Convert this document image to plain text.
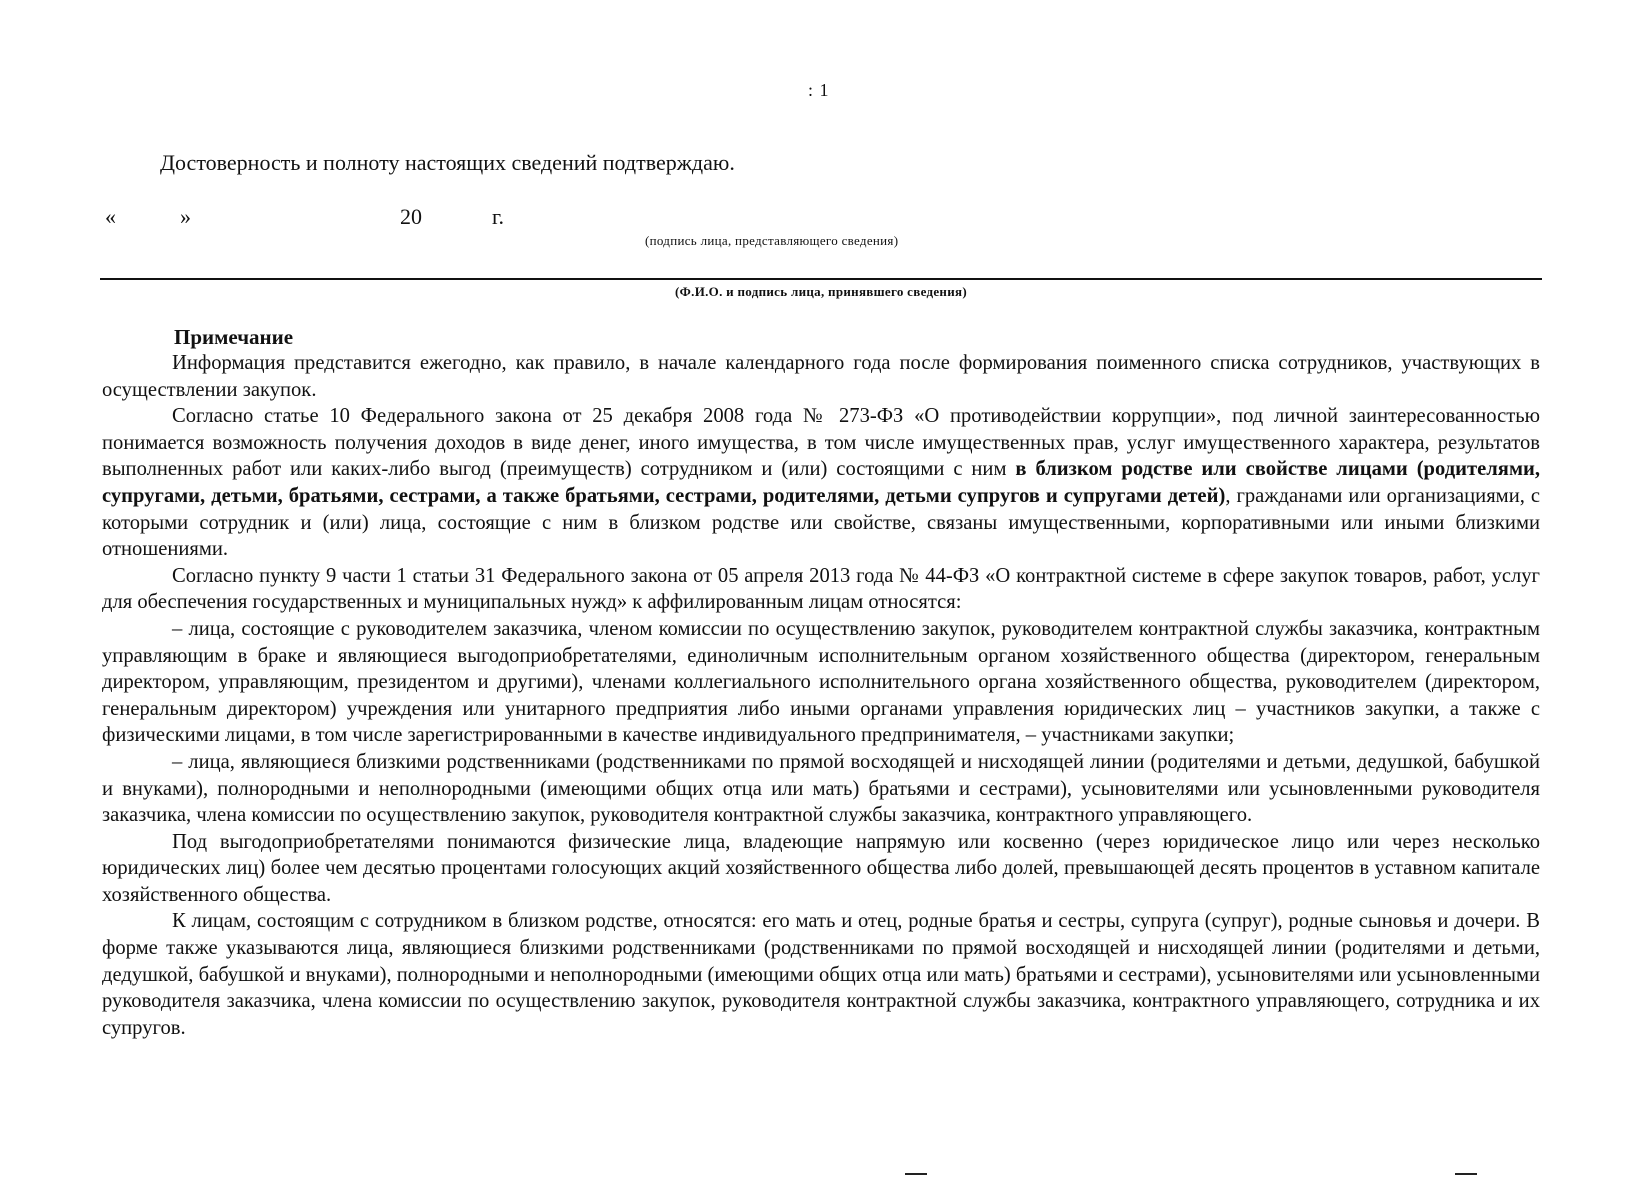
: 1
Достоверность и полноту настоящих сведений подтверждаю.
«	»	20	г.
(подпись лица, представляющего сведения)
(Ф.И.О. и подпись лица, принявшего сведения)
Примечание

Информация представится ежегодно, как правило, в начале календарного года после формирования поименного списка сотрудников, участвующих в осуществлении закупок.

Согласно статье 10 Федерального закона от 25 декабря 2008 года № 273-ФЗ «О противодействии коррупции», под личной заинтересованностью понимается возможность получения доходов в виде денег, иного имущества, в том числе имущественных прав, услуг имущественного характера, результатов выполненных работ или каких-либо выгод (преимуществ) сотрудником и (или) состоящими с ним в близком родстве или свойстве лицами (родителями, супругами, детьми, братьями, сестрами, а также братьями, сестрами, родителями, детьми супругов и супругами детей), гражданами или организациями, с которыми сотрудник и (или) лица, состоящие с ним в близком родстве или свойстве, связаны имущественными, корпоративными или иными близкими отношениями.

Согласно пункту 9 части 1 статьи 31 Федерального закона от 05 апреля 2013 года № 44-ФЗ «О контрактной системе в сфере закупок товаров, работ, услуг для обеспечения государственных и муниципальных нужд» к аффилированным лицам относятся:

– лица, состоящие с руководителем заказчика, членом комиссии по осуществлению закупок, руководителем контрактной службы заказчика, контрактным управляющим в браке и являющиеся выгодоприобретателями, единоличным исполнительным органом хозяйственного общества (директором, генеральным директором, управляющим, президентом и другими), членами коллегиального исполнительного органа хозяйственного общества, руководителем (директором, генеральным директором) учреждения или унитарного предприятия либо иными органами управления юридических лиц – участников закупки, а также с физическими лицами, в том числе зарегистрированными в качестве индивидуального предпринимателя, – участниками закупки;

– лица, являющиеся близкими родственниками (родственниками по прямой восходящей и нисходящей линии (родителями и детьми, дедушкой, бабушкой и внуками), полнородными и неполнородными (имеющими общих отца или мать) братьями и сестрами), усыновителями или усыновленными руководителя заказчика, члена комиссии по осуществлению закупок, руководителя контрактной службы заказчика, контрактного управляющего.

Под выгодоприобретателями понимаются физические лица, владеющие напрямую или косвенно (через юридическое лицо или через несколько юридических лиц) более чем десятью процентами голосующих акций хозяйственного общества либо долей, превышающей десять процентов в уставном капитале хозяйственного общества.

К лицам, состоящим с сотрудником в близком родстве, относятся: его мать и отец, родные братья и сестры, супруга (супруг), родные сыновья и дочери. В форме также указываются лица, являющиеся близкими родственниками (родственниками по прямой восходящей и нисходящей линии (родителями и детьми, дедушкой, бабушкой и внуками), полнородными и неполнородными (имеющими общих отца или мать) братьями и сестрами), усыновителями или усыновленными руководителя заказчика, члена комиссии по осуществлению закупок, руководителя контрактной службы заказчика, контрактного управляющего, сотрудника и их супругов.
